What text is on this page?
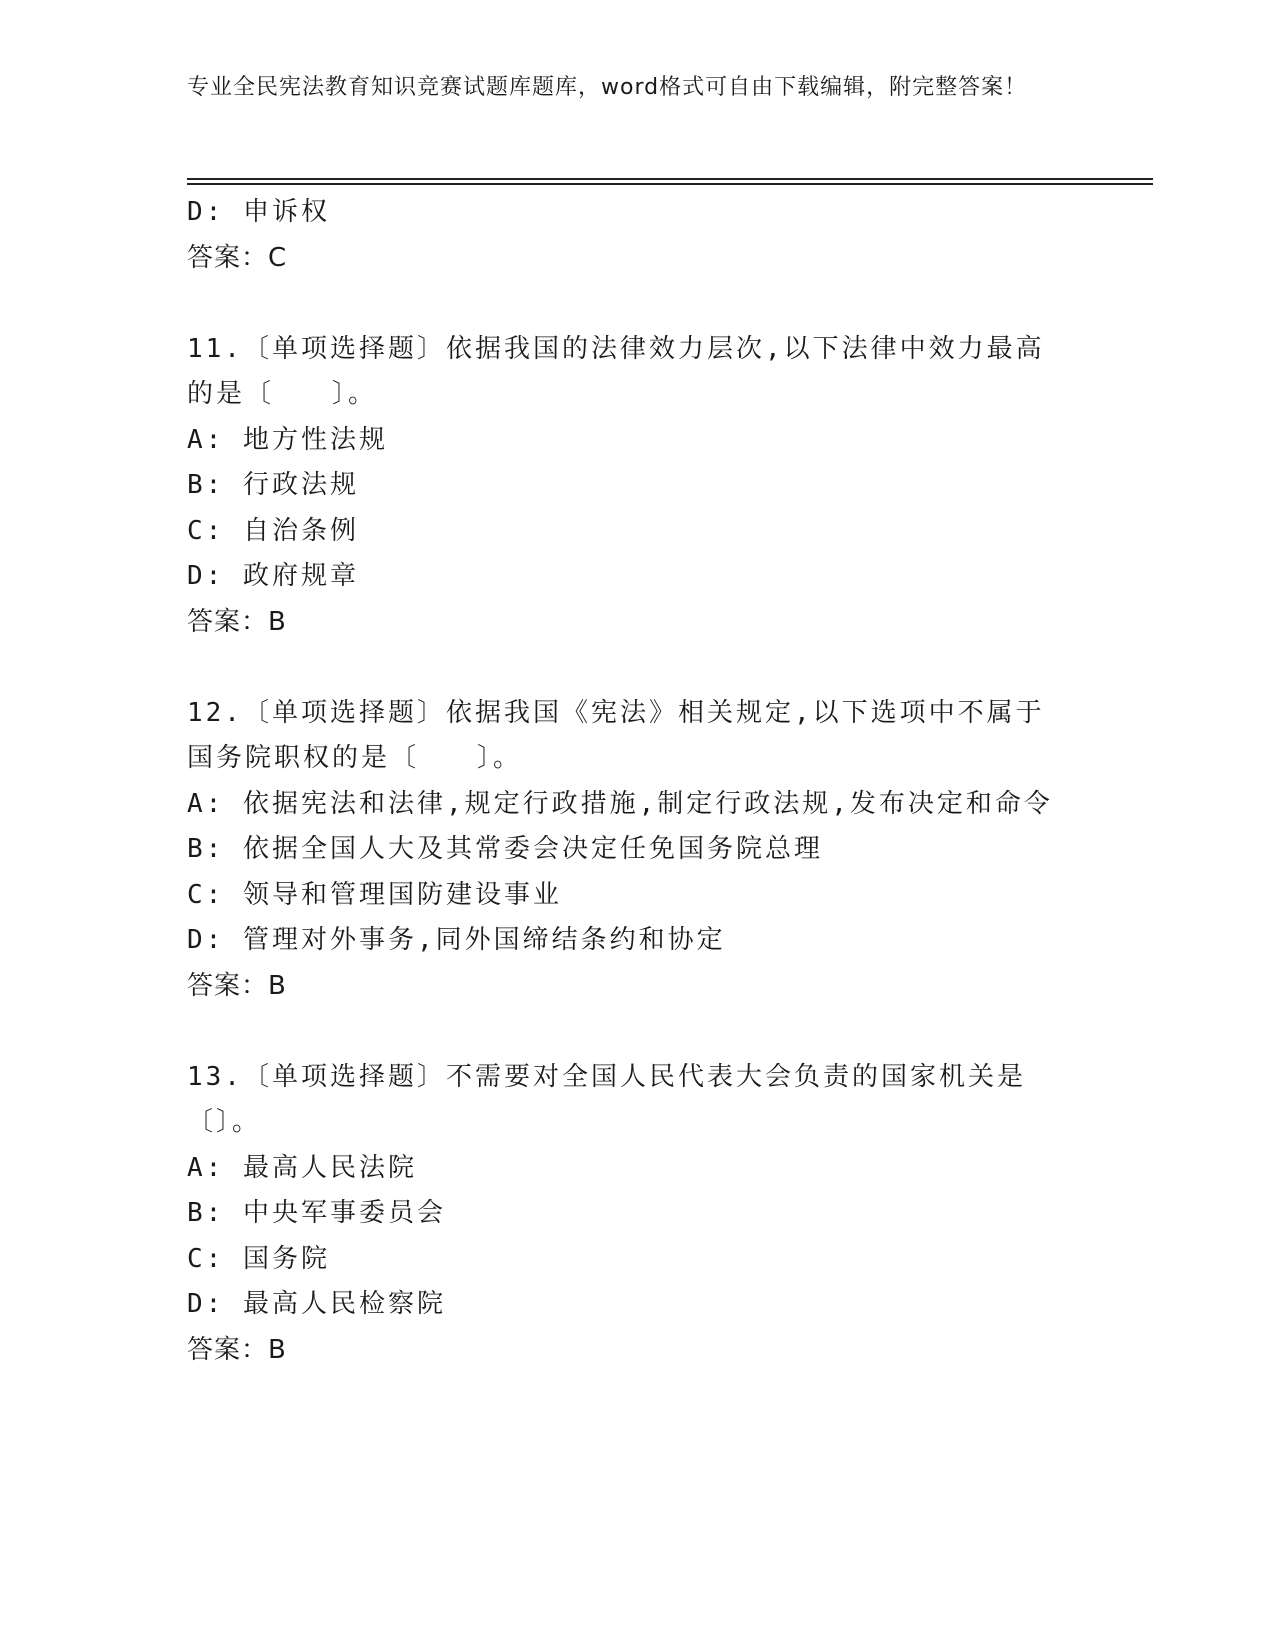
专业全民宪法教育知识竞赛试题库题库，word格式可自由下载编辑，附完整答案！
D: 申诉权
答案：C
11.〔单项选择题〕依据我国的法律效力层次,以下法律中效力最高的是〔　　〕。
A: 地方性法规
B: 行政法规
C: 自治条例
D: 政府规章
答案：B
12.〔单项选择题〕依据我国《宪法》相关规定,以下选项中不属于国务院职权的是〔　　〕。
A: 依据宪法和法律,规定行政措施,制定行政法规,发布决定和命令
B: 依据全国人大及其常委会决定任免国务院总理
C: 领导和管理国防建设事业
D: 管理对外事务,同外国缔结条约和协定
答案：B
13.〔单项选择题〕不需要对全国人民代表大会负责的国家机关是〔〕。
A: 最高人民法院
B: 中央军事委员会
C: 国务院
D: 最高人民检察院
答案：B
